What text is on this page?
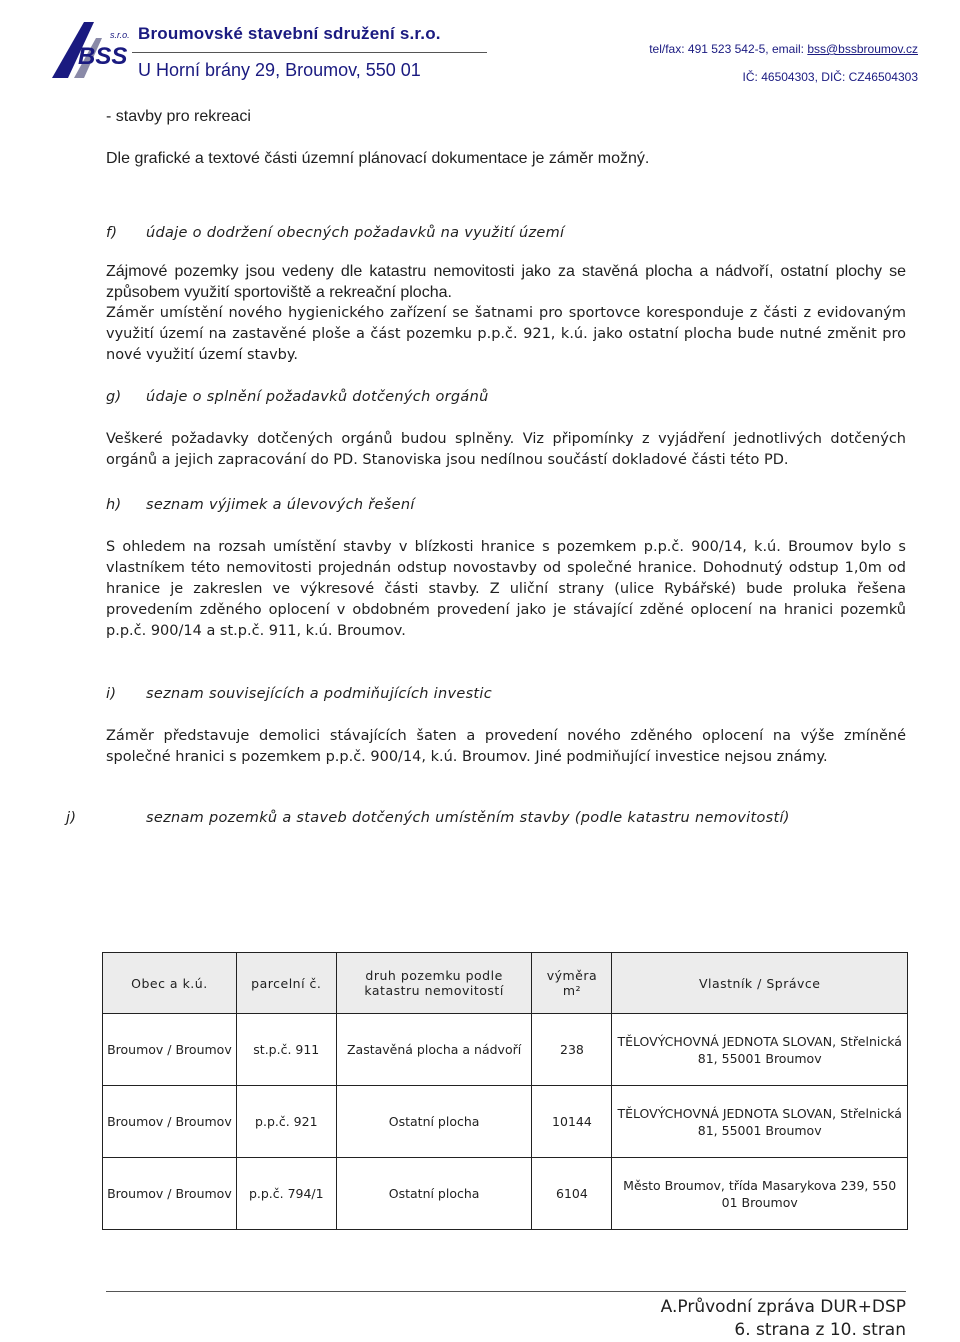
BSS
s.r.o. Broumovské stavební sdružení s.r.o.
U Horní brány 29, Broumov, 550 01
tel/fax: 491 523 542-5, email: bss@bssbroumov.cz
IČ: 46504303, DIČ: CZ46504303

- stavby pro rekreaci

Dle grafické a textové části územní plánovací dokumentace je záměr možný.

f) údaje o dodržení obecných požadavků na využití území

Zájmové pozemky jsou vedeny dle katastru nemovitosti jako za stavěná plocha a nádvoří, ostatní plochy se způsobem využití sportoviště a rekreační plocha.

Záměr umístění nového hygienického zařízení se šatnami pro sportovce koresponduje z části z evidovaným využití území na zastavěné ploše a část pozemku p.p.č. 921, k.ú. jako ostatní plocha bude nutné změnit pro nové využití území stavby.

g) údaje o splnění požadavků dotčených orgánů

Veškeré požadavky dotčených orgánů budou splněny. Viz připomínky z vyjádření jednotlivých dotčených orgánů a jejich zapracování do PD. Stanoviska jsou nedílnou součástí dokladové části této PD.

h) seznam výjimek a úlevových řešení

S ohledem na rozsah umístění stavby v blízkosti hranice s pozemkem p.p.č. 900/14, k.ú. Broumov bylo s vlastníkem této nemovitosti projednán odstup novostavby od společné hranice. Dohodnutý odstup 1,0m od hranice je zakreslen ve výkresové části stavby. Z uliční strany (ulice Rybářské) bude proluka řešena provedením zděného oplocení v obdobném provedení jako je stávající zděné oplocení na hranici pozemků p.p.č. 900/14 a st.p.č. 911, k.ú. Broumov.

i) seznam souvisejících a podmiňujících investic

Záměr představuje demolici stávajících šaten a provedení nového zděného oplocení na výše zmíněné společné hranici s pozemkem p.p.č. 900/14, k.ú. Broumov. Jiné podmiňující investice nejsou známy.

j)	seznam pozemků a staveb dotčených umístěním stavby (podle katastru nemovitostí)

Obec a k.ú.	parcelní č.	druh pozemku podle katastru nemovitostí	výměra m²	Vlastník / Správce
Broumov / Broumov	st.p.č. 911	Zastavěná plocha a nádvoří	238	TĚLOVÝCHOVNÁ JEDNOTA SLOVAN, Střelnická 81, 55001 Broumov
Broumov / Broumov	p.p.č. 921	Ostatní plocha	10144	TĚLOVÝCHOVNÁ JEDNOTA SLOVAN, Střelnická 81, 55001 Broumov
Broumov / Broumov	p.p.č. 794/1	Ostatní plocha	6104	Město Broumov, třída Masarykova 239, 550 01 Broumov
A.Průvodní zpráva DUR+DSP
6. strana z 10. stran
